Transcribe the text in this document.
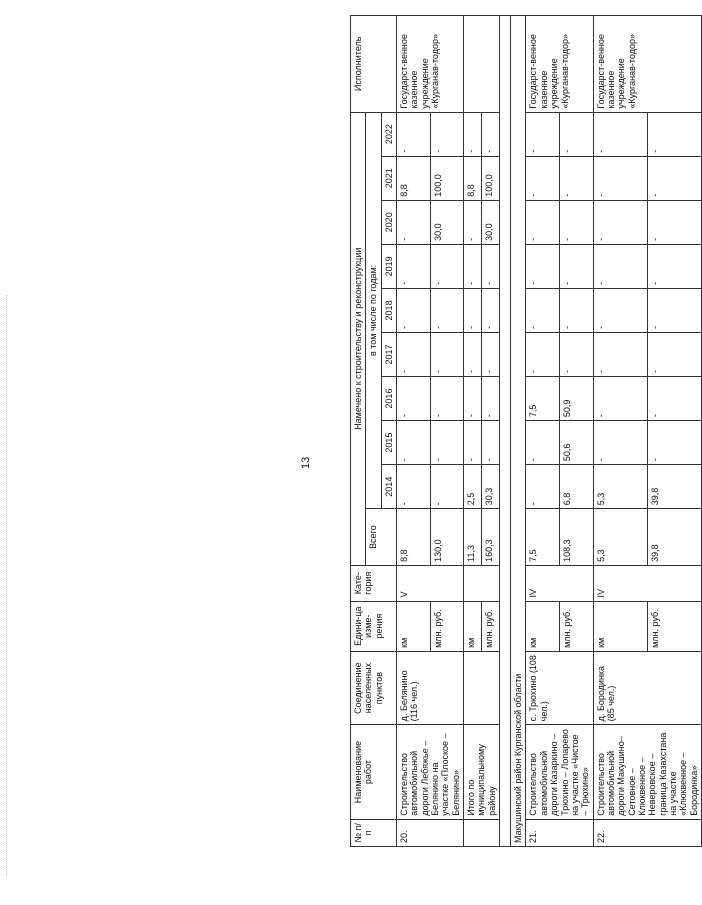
13
№ п/п	Наименование работ	Соединение населенных пунктов	Едини-ца изме-рения	Кате-гория	Намечено к строительству и реконструкции										Исполнитель
					Всего	в том числе по годам:									
						2014	2015	2016	2017	2018	2019	2020	2021	2022	
20.	Строительство автомобильной дороги Лебяжье – Белянино на участке «Плоское – Белянино»	д. Белянино (116 чел.)	км	V	8,8	-	-	-	-	-	-	-	8,8	-	Государст-венное казенное учреждение «Курганав-тодор»
			млн. руб.		130,0	-	-	-	-	-	-	30,0	100,0	-	
	Итого по муниципальному району		км		11,3	2,5	-	-	-	-	-	-	8,8	-	
			млн. руб.		160,3	30,3	-	-	-	-	-	30,0	100,0	-	

Макушинский район Курганской области															
21.	Строительство автомобильной дороги Казаркино – Трюхино – Лопарево на участке «Чистое – Трюхино»	с. Трюхино (108 чел.)	км	IV	7,5	-	-	7,5	-	-	-	-	-	-	Государст-венное казенное учреждение «Курганав-тодор»
			млн. руб.		108,3	6,8	50,6	50,9	-	-	-	-	-	-	
22.	Строительство автомобильной дороги Макушино–Сетовное – Клюквенное – Неверовское – граница Казахстана на участке «Клюквенное – Бородинка»	д. Бородинка (85 чел.)	км	IV	5,3	5,3	-	-	-	-	-	-	-	-	Государст-венное казенное учреждение «Курганав-тодор»
			млн. руб.		39,8	39,8	-	-	-	-	-	-	-	-	
